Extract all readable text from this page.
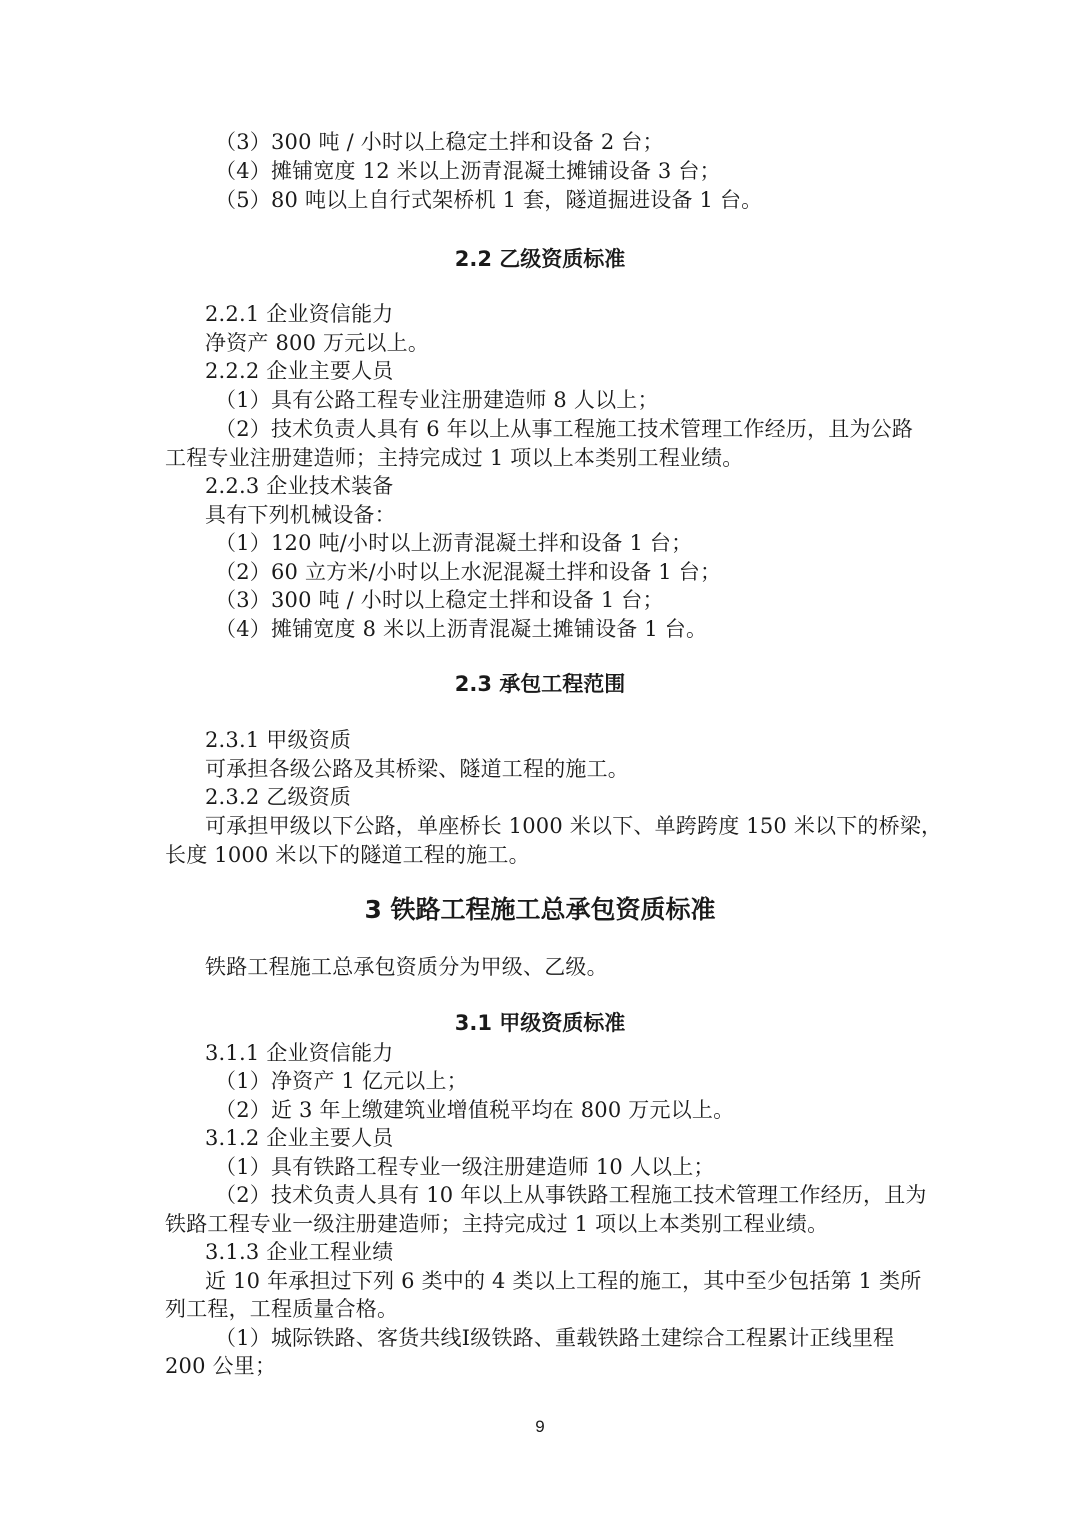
（3）300 吨 / 小时以上稳定土拌和设备 2 台；
（4）摊铺宽度 12 米以上沥青混凝土摊铺设备 3 台；
（5）80 吨以上自行式架桥机 1 套，隧道掘进设备 1 台。
2.2 乙级资质标准
2.2.1 企业资信能力
净资产 800 万元以上。
2.2.2 企业主要人员
（1）具有公路工程专业注册建造师 8 人以上；
（2）技术负责人具有 6 年以上从事工程施工技术管理工作经历，且为公路
工程专业注册建造师；主持完成过 1 项以上本类别工程业绩。
2.2.3 企业技术装备
具有下列机械设备：
（1）120 吨/小时以上沥青混凝土拌和设备 1 台；
（2）60 立方米/小时以上水泥混凝土拌和设备 1 台；
（3）300 吨 / 小时以上稳定土拌和设备 1 台；
（4）摊铺宽度 8 米以上沥青混凝土摊铺设备 1 台。
2.3 承包工程范围
2.3.1 甲级资质
可承担各级公路及其桥梁、隧道工程的施工。
2.3.2 乙级资质
可承担甲级以下公路，单座桥长 1000 米以下、单跨跨度 150 米以下的桥梁，
长度 1000 米以下的隧道工程的施工。
3 铁路工程施工总承包资质标准
铁路工程施工总承包资质分为甲级、乙级。
3.1 甲级资质标准
3.1.1 企业资信能力
（1）净资产 1 亿元以上；
（2）近 3 年上缴建筑业增值税平均在 800 万元以上。
3.1.2 企业主要人员
（1）具有铁路工程专业一级注册建造师 10 人以上；
（2）技术负责人具有 10 年以上从事铁路工程施工技术管理工作经历，且为
铁路工程专业一级注册建造师；主持完成过 1 项以上本类别工程业绩。
3.1.3 企业工程业绩
近 10 年承担过下列 6 类中的 4 类以上工程的施工，其中至少包括第 1 类所
列工程，工程质量合格。
（1）城际铁路、客货共线Ⅰ级铁路、重载铁路土建综合工程累计正线里程
200 公里；
9
